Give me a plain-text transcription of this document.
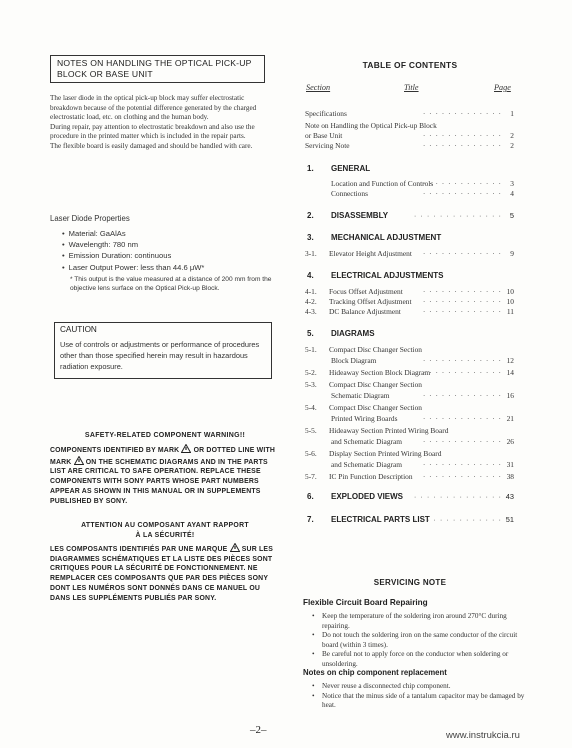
NOTES ON HANDLING THE OPTICAL PICK-UP
BLOCK OR BASE UNIT

The laser diode in the optical pick-up block may suffer electrostatic breakdown because of the potential difference generated by the charged electrostatic load, etc. on clothing and the human body.

During repair, pay attention to electrostatic breakdown and also use the procedure in the printed matter which is included in the repair parts.

The flexible board is easily damaged and should be handled with care.

Laser Diode Properties
• Material: GaAlAs
• Wavelength: 780 nm
• Emission Duration: continuous
• Laser Output Power: less than 44.6 μW*
* This output is the value measured at a distance of 200 mm from the objective lens surface on the Optical Pick-up Block.
CAUTION
Use of controls or adjustments or performance of procedures other than those specified herein may result in hazardous radiation exposure.
SAFETY-RELATED COMPONENT WARNING!!
COMPONENTS IDENTIFIED BY MARK OR DOTTED LINE WITH MARK ON THE SCHEMATIC DIAGRAMS AND IN THE PARTS LIST ARE CRITICAL TO SAFE OPERATION. REPLACE THESE COMPONENTS WITH SONY PARTS WHOSE PART NUMBERS APPEAR AS SHOWN IN THIS MANUAL OR IN SUPPLEMENTS PUBLISHED BY SONY.
ATTENTION AU COMPOSANT AYANT RAPPORT
À LA SÉCURITÉ!
LES COMPOSANTS IDENTIFIÉS PAR UNE MARQUE SUR LES DIAGRAMMES SCHÉMATIQUES ET LA LISTE DES PIÈCES SONT CRITIQUES POUR LA SÉCURITÉ DE FONCTIONNEMENT. NE REMPLACER CES COMPOSANTS QUE PAR DES PIÈCES SONY DONT LES NUMÉROS SONT DONNÉS DANS CE MANUEL OU DANS LES SUPPLÉMENTS PUBLIÉS PAR SONY.
TABLE OF CONTENTS
Section	Title	Page
Specifications	· · · · · · · · · · · · · 1
Note on Handling the Optical Pick-up Block
or Base Unit	· · · · · · · · · · · · · 2
Servicing Note	· · · · · · · · · · · · · 2
1. GENERAL
Location and Function of Controls
· · · · · · · · · · · · · 3
Connections	· · · · · · · · · · · · · 4
2. DISASSEMBLY	· · · · · · · · · · · · · · 5
3. MECHANICAL ADJUSTMENT
3-1. Elevator Height Adjustment · · · · · · · · · · · · · 9
4. ELECTRICAL ADJUSTMENTS
4-1. Focus Offset Adjustment	· · · · · · · · · · · · · 10
4-2. Tracking Offset Adjustment · · · · · · · · · · · · · 10
4-3. DC Balance Adjustment	· · · · · · · · · · · · · 11
5. DIAGRAMS
5-1. Compact Disc Changer Section
Block Diagram	· · · · · · · · · · · · · 12
5-2. Hideaway Section Block Diagram
· · · · · · · · · · · · · 14
5-3. Compact Disc Changer Section
Schematic Diagram	· · · · · · · · · · · · · 16
5-4. Compact Disc Changer Section
Printed Wiring Boards	· · · · · · · · · · · · · 21
5-5. Hideaway Section Printed Wiring Board
and Schematic Diagram	· · · · · · · · · · · · · 26
5-6. Display Section Printed Wiring Board
and Schematic Diagram	· · · · · · · · · · · · · 31
5-7. IC Pin Function Description · · · · · · · · · · · · · 38
6. EXPLODED VIEWS · · · · · · · · · · · · · · 43
7. ELECTRICAL PARTS LIST
· · · · · · · · · · · · · · 51
SERVICING NOTE
Flexible Circuit Board Repairing
• Keep the temperature of the soldering iron around 270°C during repairing.
• Do not touch the soldering iron on the same conductor of the circuit board (within 3 times).
• Be careful not to apply force on the conductor when soldering or unsoldering.
Notes on chip component replacement
• Never reuse a disconnected chip component.
• Notice that the minus side of a tantalum capacitor may be damaged by heat.
–2–	www.instrukcia.ru
